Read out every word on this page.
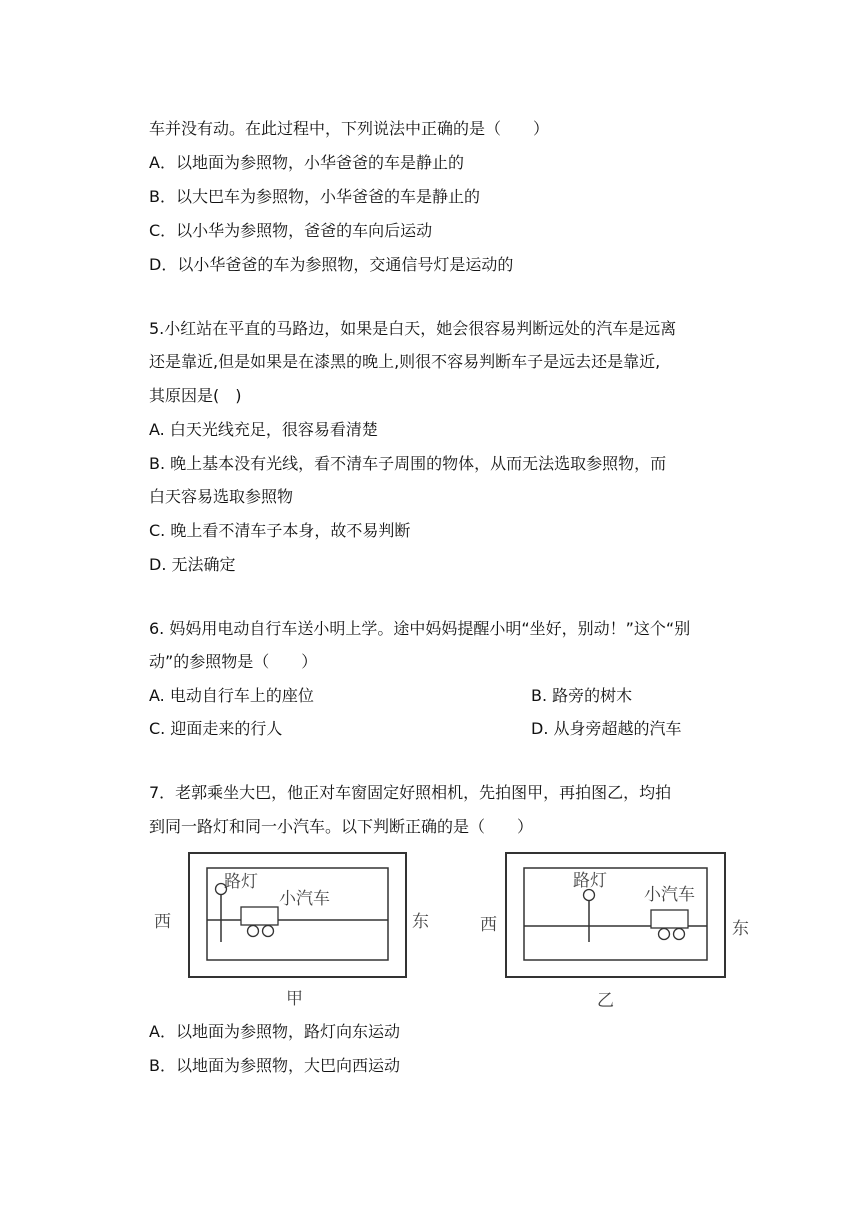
车并没有动。在此过程中，下列说法中正确的是（　　）
A．以地面为参照物，小华爸爸的车是静止的
B．以大巴车为参照物，小华爸爸的车是静止的
C．以小华为参照物，爸爸的车向后运动
D．以小华爸爸的车为参照物，交通信号灯是运动的
5.小红站在平直的马路边，如果是白天，她会很容易判断远处的汽车是远离
还是靠近,但是如果是在漆黑的晚上,则很不容易判断车子是远去还是靠近,
其原因是(　)
A. 白天光线充足，很容易看清楚
B. 晚上基本没有光线，看不清车子周围的物体，从而无法选取参照物，而
白天容易选取参照物
C. 晚上看不清车子本身，故不易判断
D. 无法确定
6. 妈妈用电动自行车送小明上学。途中妈妈提醒小明“坐好，别动！”这个“别
动”的参照物是（　　）
A. 电动自行车上的座位	B. 路旁的树木
C. 迎面走来的行人	D. 从身旁超越的汽车
7．老郭乘坐大巴，他正对车窗固定好照相机，先拍图甲，再拍图乙，均拍
到同一路灯和同一小汽车。以下判断正确的是（　　）
路灯
小汽车
西	东
甲
路灯
小汽车
西	东
乙
A．以地面为参照物，路灯向东运动
B．以地面为参照物，大巴向西运动
